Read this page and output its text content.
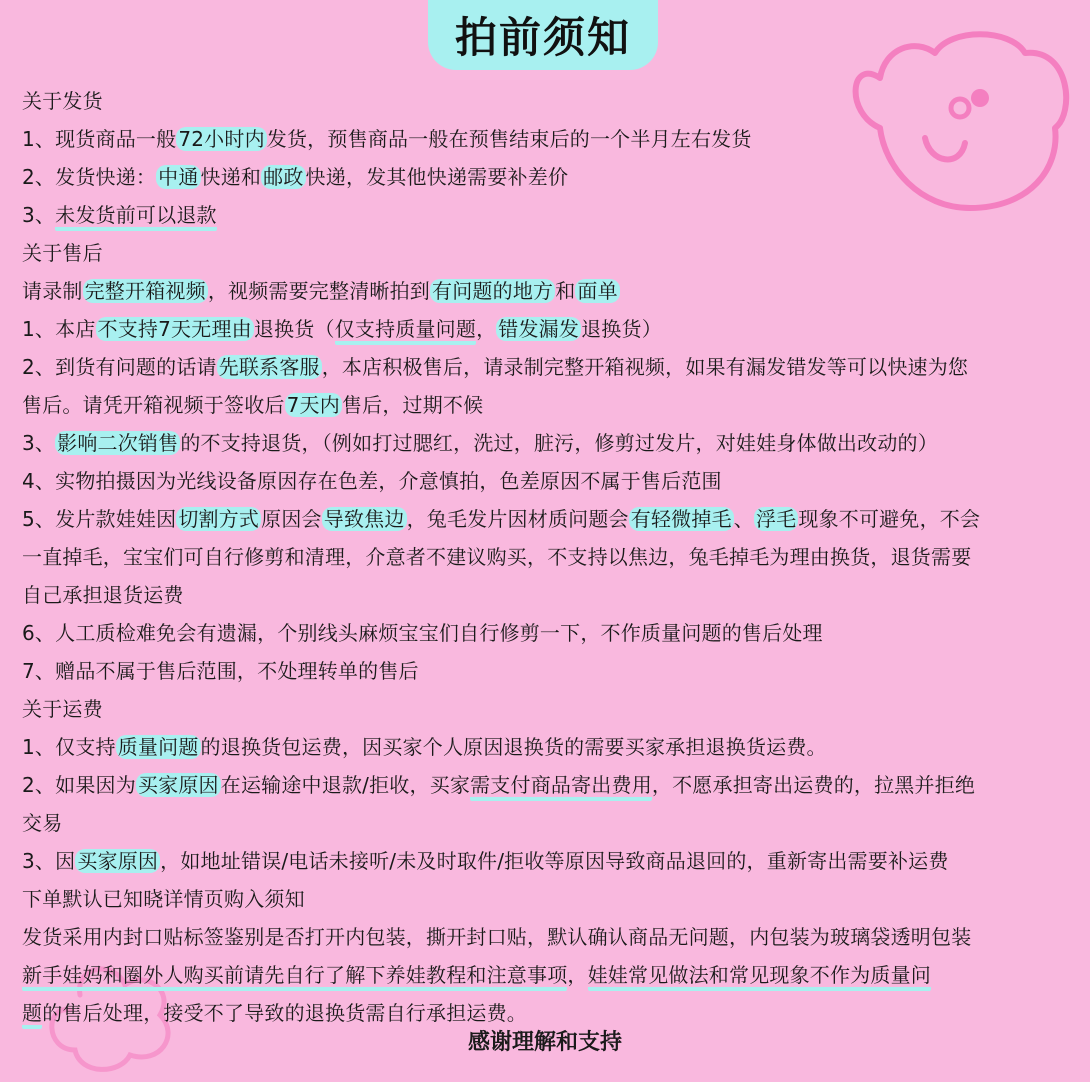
拍前须知
关于发货
1、现货商品一般 72小时内 发货，预售商品一般在预售结束后的一个半月左右发货
2、发货快递： 中通 快递和 邮政 快递，发其他快递需要补差价
3、未发货前可以退款
关于售后
请录制 完整开箱视频 ，视频需要完整清晰拍到 有问题的地方 和 面单
1、本店 不支持7天无理由 退换货（仅支持质量问题， 错发漏发 退换货）
2、到货有问题的话请 先联系客服 ，本店积极售后，请录制完整开箱视频，如果有漏发错发等可以快速为您
售后。请凭开箱视频于签收后 7天内 售后，过期不候
3、 影响二次销售 的不支持退货，（例如打过腮红，洗过，脏污，修剪过发片，对娃娃身体做出改动的）
4、实物拍摄因为光线设备原因存在色差，介意慎拍，色差原因不属于售后范围
5、发片款娃娃因 切割方式 原因会 导致焦边 ，兔毛发片因材质问题会 有轻微掉毛 、 浮毛 现象不可避免，不会
一直掉毛，宝宝们可自行修剪和清理，介意者不建议购买，不支持以焦边，兔毛掉毛为理由换货，退货需要
自己承担退货运费
6、人工质检难免会有遗漏，个别线头麻烦宝宝们自行修剪一下，不作质量问题的售后处理
7、赠品不属于售后范围，不处理转单的售后
关于运费
1、仅支持 质量问题 的退换货包运费，因买家个人原因退换货的需要买家承担退换货运费。
2、如果因为 买家原因 在运输途中退款/拒收，买家需支付商品寄出费用，不愿承担寄出运费的，拉黑并拒绝
交易
3、因 买家原因 ，如地址错误/电话未接听/未及时取件/拒收等原因导致商品退回的，重新寄出需要补运费
下单默认已知晓详情页购入须知
发货采用内封口贴标签鉴别是否打开内包装，撕开封口贴，默认确认商品无问题，内包装为玻璃袋透明包装
新手娃妈和圈外人购买前请先自行了解下养娃教程和注意事项，娃娃常见做法和常见现象不作为质量问
题的售后处理，接受不了导致的退换货需自行承担运费。
感谢理解和支持
